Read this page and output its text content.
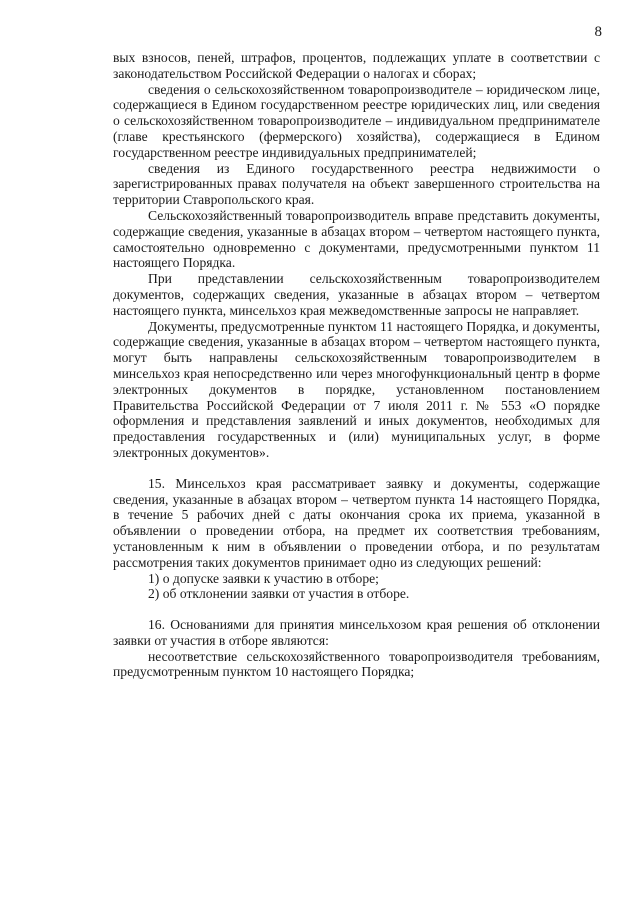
8

вых взносов, пеней, штрафов, процентов, подлежащих уплате в соответствии с законодательством Российской Федерации о налогах и сборах;

сведения о сельскохозяйственном товаропроизводителе – юридическом лице, содержащиеся в Едином государственном реестре юридических лиц, или сведения о сельскохозяйственном товаропроизводителе – индивидуальном предпринимателе (главе крестьянского (фермерского) хозяйства), содержащиеся в Едином государственном реестре индивидуальных предпринимателей;

сведения из Единого государственного реестра недвижимости о зарегистрированных правах получателя на объект завершенного строительства на территории Ставропольского края.

Сельскохозяйственный товаропроизводитель вправе представить документы, содержащие сведения, указанные в абзацах втором – четвертом настоящего пункта, самостоятельно одновременно с документами, предусмотренными пунктом 11 настоящего Порядка.

При представлении сельскохозяйственным товаропроизводителем документов, содержащих сведения, указанные в абзацах втором – четвертом настоящего пункта, минсельхоз края межведомственные запросы не направляет.

Документы, предусмотренные пунктом 11 настоящего Порядка, и документы, содержащие сведения, указанные в абзацах втором – четвертом настоящего пункта, могут быть направлены сельскохозяйственным товаропроизводителем в минсельхоз края непосредственно или через многофункциональный центр в форме электронных документов в порядке, установленном постановлением Правительства Российской Федерации от 7 июля 2011 г. № 553 «О порядке оформления и представления заявлений и иных документов, необходимых для предоставления государственных и (или) муниципальных услуг, в форме электронных документов».

15. Минсельхоз края рассматривает заявку и документы, содержащие сведения, указанные в абзацах втором – четвертом пункта 14 настоящего Порядка, в течение 5 рабочих дней с даты окончания срока их приема, указанной в объявлении о проведении отбора, на предмет их соответствия требованиям, установленным к ним в объявлении о проведении отбора, и по результатам рассмотрения таких документов принимает одно из следующих решений:

1) о допуске заявки к участию в отборе;

2) об отклонении заявки от участия в отборе.

16. Основаниями для принятия минсельхозом края решения об отклонении заявки от участия в отборе являются:

несоответствие сельскохозяйственного товаропроизводителя требованиям, предусмотренным пунктом 10 настоящего Порядка;
